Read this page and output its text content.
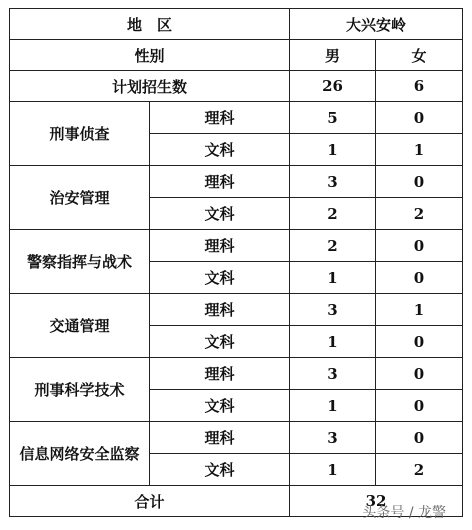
地　区		大兴安岭	
性别		男	女
计划招生数		26	6
刑事侦查	理科	5	0
	文科	1	1
治安管理	理科	3	0
	文科	2	2
警察指挥与战术	理科	2	0
	文科	1	0
交通管理	理科	3	1
	文科	1	0
刑事科学技术	理科	3	0
	文科	1	0
信息网络安全监察	理科	3	0
	文科	1	2
合计		32	
头条号 / 龙警
